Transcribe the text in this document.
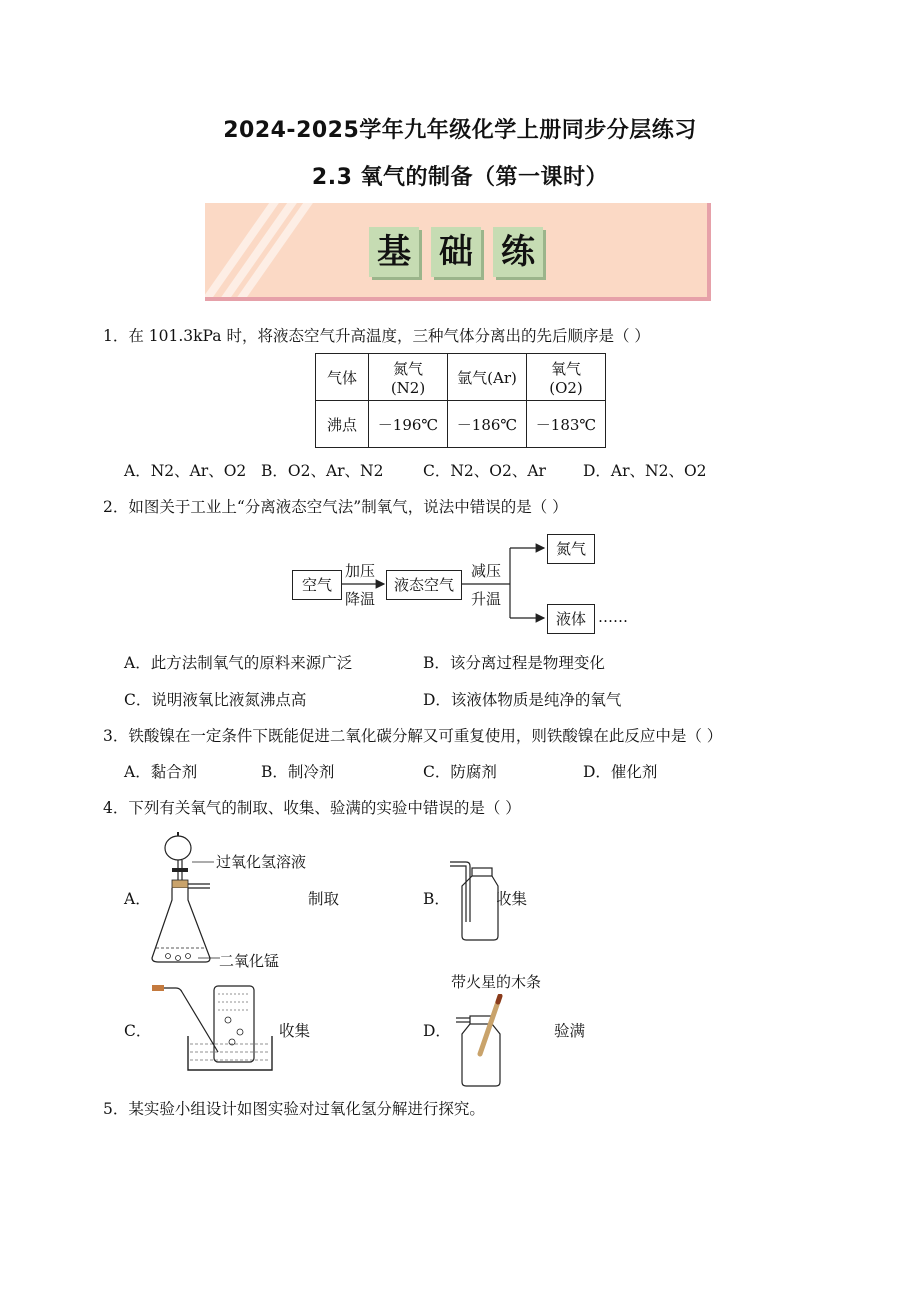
2024-2025学年九年级化学上册同步分层练习
2.3 氧气的制备（第一课时）
基 础 练
1．在 101.3kPa 时，将液态空气升高温度，三种气体分离出的先后顺序是（ ）
气体	氮气(N2)	氩气(Ar)	氧气(O2)
沸点	－196℃	－186℃	－183℃
A．N2、Ar、O2 B．O2、Ar、N2	C．N2、O2、Ar D．Ar、N2、O2
2．如图关于工业上“分离液态空气法”制氧气，说法中错误的是（ ）
空气
加压
降温
液态空气
减压
升温
氮气
液体 ……
A．此方法制氧气的原料来源广泛	B．该分离过程是物理变化
C．说明液氧比液氮沸点高	D．该液体物质是纯净的氧气
3．铁酸镍在一定条件下既能促进二氧化碳分解又可重复使用，则铁酸镍在此反应中是（ ）
A．黏合剂	B．制冷剂	C．防腐剂	D．催化剂
4．下列有关氧气的制取、收集、验满的实验中错误的是（ ）
A．
过氧化氢溶液
二氧化锰
制取	B．	收集
C．	收集	D．
带火星的木条
验满
5．某实验小组设计如图实验对过氧化氢分解进行探究。
